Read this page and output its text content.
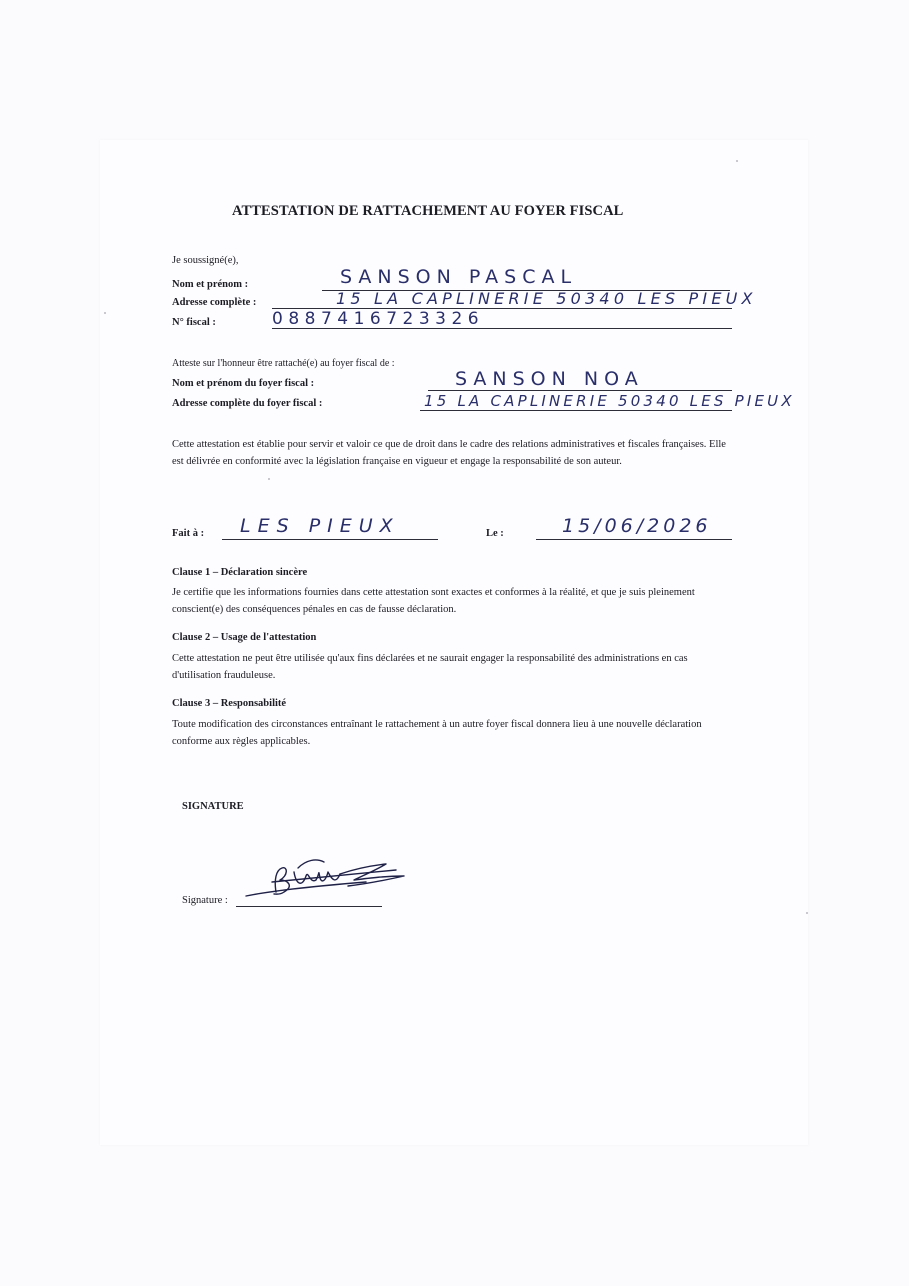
ATTESTATION DE RATTACHEMENT AU FOYER FISCAL
Je soussigné(e),
Nom et prénom :	SANSON PASCAL
Adresse complète :	15 LA CAPLINERIE 50340 LES PIEUX
N° fiscal :	0887416723326
Atteste sur l'honneur être rattaché(e) au foyer fiscal de :
Nom et prénom du foyer fiscal :	SANSON NOA
Adresse complète du foyer fiscal :	15 LA CAPLINERIE 50340 LES PIEUX
Cette attestation est établie pour servir et valoir ce que de droit dans le cadre des relations administratives et fiscales françaises. Elle est délivrée en conformité avec la législation française en vigueur et engage la responsabilité de son auteur.
Fait à : LES PIEUX	Le :	15/06/2026
Clause 1 – Déclaration sincère
Je certifie que les informations fournies dans cette attestation sont exactes et conformes à la réalité, et que je suis pleinement conscient(e) des conséquences pénales en cas de fausse déclaration.
Clause 2 – Usage de l'attestation
Cette attestation ne peut être utilisée qu'aux fins déclarées et ne saurait engager la responsabilité des administrations en cas d'utilisation frauduleuse.
Clause 3 – Responsabilité
Toute modification des circonstances entraînant le rattachement à un autre foyer fiscal donnera lieu à une nouvelle déclaration conforme aux règles applicables.
SIGNATURE
Signature :
